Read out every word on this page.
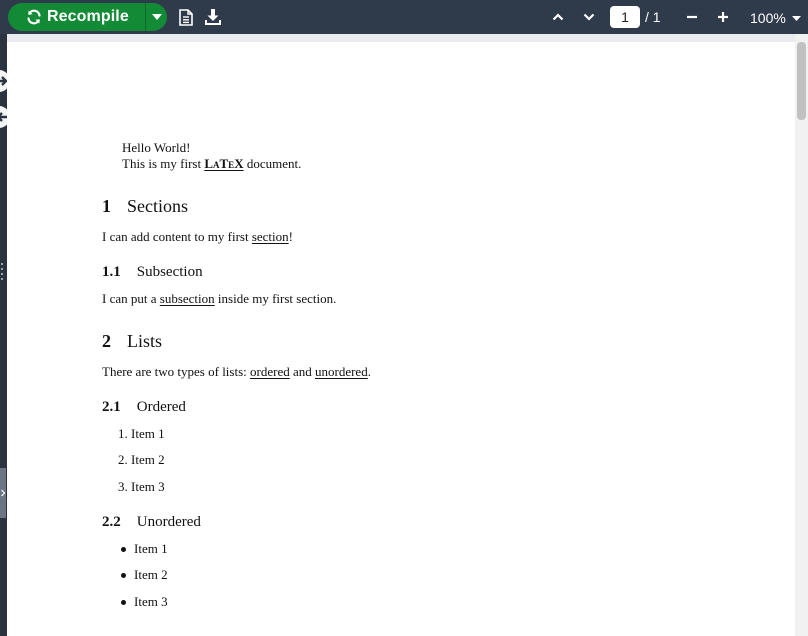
Recompile
1	/ 1	100%
Hello World!
This is my first LaTeX document.
1 Sections
I can add content to my first section!
1.1 Subsection
I can put a subsection inside my first section.
2 Lists
There are two types of lists: ordered and unordered.
2.1 Ordered
1. Item 1
2. Item 2
3. Item 3
2.2 Unordered
Item 1
Item 2
Item 3
